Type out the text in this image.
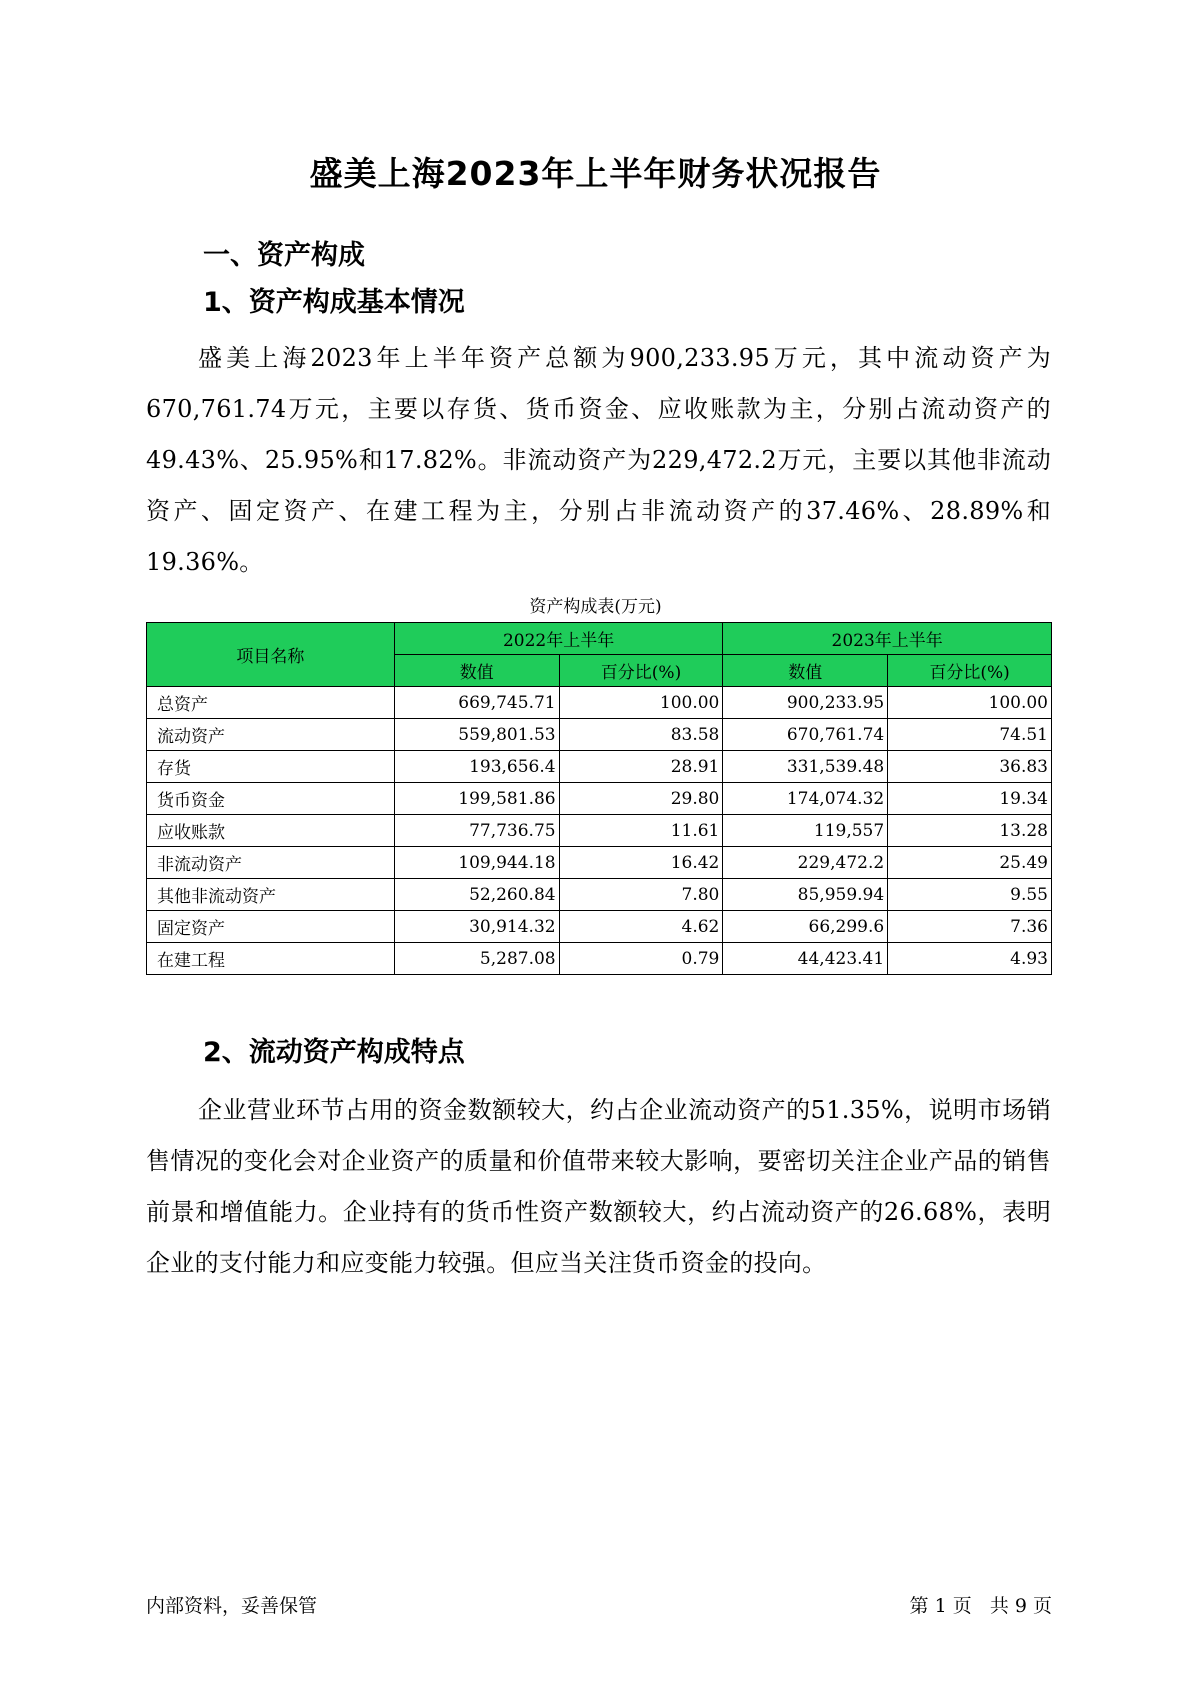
盛美上海2023年上半年财务状况报告
一、资产构成
1、资产构成基本情况
盛美上海2023年上半年资产总额为900,233.95万元，其中流动资产为670,761.74万元，主要以存货、货币资金、应收账款为主，分别占流动资产的49.43%、25.95%和17.82%。非流动资产为229,472.2万元，主要以其他非流动资产、固定资产、在建工程为主，分别占非流动资产的37.46%、28.89%和19.36%。
资产构成表(万元)
项目名称	2022年上半年		2023年上半年	
	数值	百分比(%)	数值	百分比(%)
总资产	669,745.71	100.00	900,233.95	100.00
流动资产	559,801.53	83.58	670,761.74	74.51
存货	193,656.4	28.91	331,539.48	36.83
货币资金	199,581.86	29.80	174,074.32	19.34
应收账款	77,736.75	11.61	119,557	13.28
非流动资产	109,944.18	16.42	229,472.2	25.49
其他非流动资产	52,260.84	7.80	85,959.94	9.55
固定资产	30,914.32	4.62	66,299.6	7.36
在建工程	5,287.08	0.79	44,423.41	4.93
2、流动资产构成特点
企业营业环节占用的资金数额较大，约占企业流动资产的51.35%，说明市场销售情况的变化会对企业资产的质量和价值带来较大影响，要密切关注企业产品的销售前景和增值能力。企业持有的货币性资产数额较大，约占流动资产的26.68%，表明企业的支付能力和应变能力较强。但应当关注货币资金的投向。
内部资料，妥善保管	第 1 页   共 9 页
